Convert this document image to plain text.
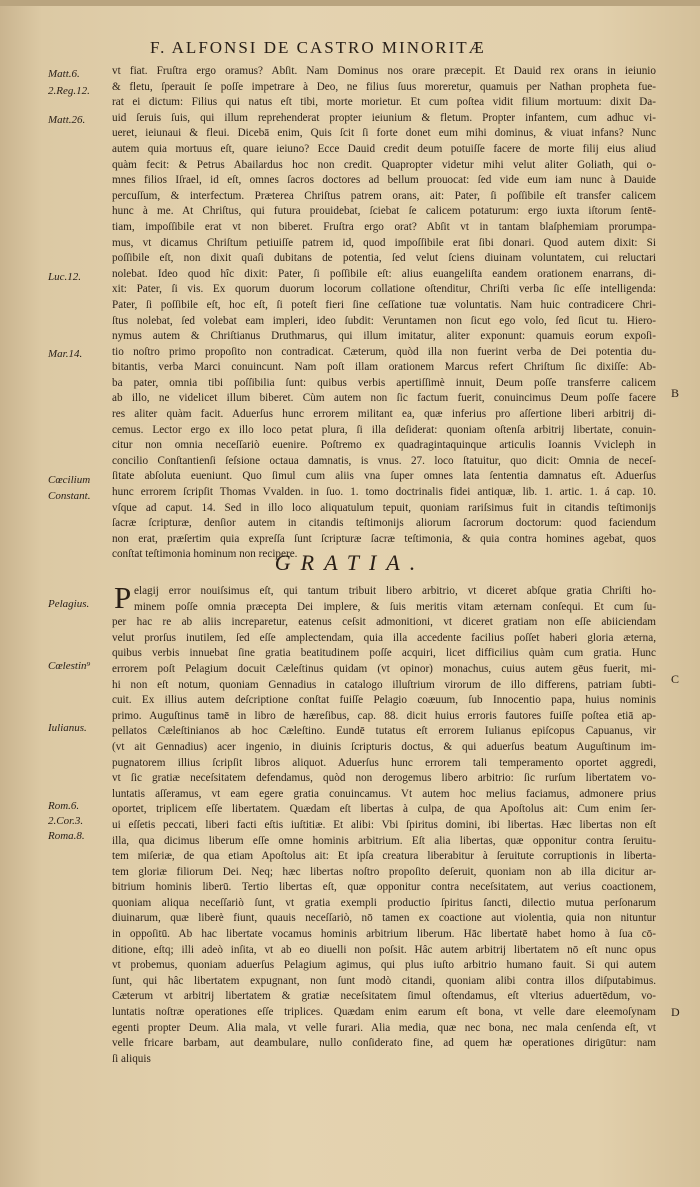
F. ALFONSI DE CASTRO MINORITÆ
Matt.6.
2.Reg.12.
Matt.26.
Luc.12.
Mar.14.
Cœcilium
Constant.
Pelagius.
Cœlestin⁹
Iulianus.
Rom.6.
2.Cor.3.
Roma.8.
B
C
D
vt fiat. Fruſtra ergo oramus? Abſit. Nam Dominus nos orare præcepit. Et Dauid rex orans in ieiunio
& fletu, ſperauit ſe poſſe impetrare à Deo, ne filius ſuus moreretur, quamuis per Nathan propheta fue-
rat ei dictum: Filius qui natus eſt tibi, morte morietur. Et cum poſtea vidit filium mortuum: dixit Da-
uid ſeruis ſuis, qui illum reprehenderat propter ieiunium & fletum. Propter infantem, cum adhuc vi-
ueret, ieiunaui & fleui. Dicebā enim, Quis ſcit ſi forte donet eum mihi dominus, & viuat infans? Nunc
autem quia mortuus eſt, quare ieiuno? Ecce Dauid credit deum potuiſſe facere de morte filij eius aliud
quàm fecit: & Petrus Abailardus hoc non credit. Quapropter videtur mihi velut aliter Goliath, qui o-
mnes filios Iſrael, id eſt, omnes ſacros doctores ad bellum prouocat: ſed vide eum iam nunc à Dauide
percuſſum, & interfectum. Præterea Chriſtus patrem orans, ait: Pater, ſi poſſibile eſt transfer calicem
hunc à me. At Chriſtus, qui futura prouidebat, ſciebat ſe calicem potaturum: ergo iuxta iſtorum ſentē-
tiam, impoſſibile erat vt non biberet. Fruſtra ergo orat? Abſit vt in tantam blaſphemiam prorumpa-
mus, vt dicamus Chriſtum petiuiſſe patrem id, quod impoſſibile erat ſibi donari. Quod autem dixit: Si
poſſibile eſt, non dixit quaſi dubitans de potentia, ſed velut ſciens diuinam voluntatem, cui reluctari
nolebat. Ideo quod hîc dixit: Pater, ſi poſſibile eſt: alius euangeliſta eandem orationem enarrans, di-
xit: Pater, ſi vis. Ex quorum duorum locorum collatione oſtenditur, Chriſti verba ſic eſſe intelligenda:
Pater, ſi poſſibile eſt, hoc eſt, ſi poteſt fieri ſine ceſſatione tuæ voluntatis. Nam huic contradicere Chri-
ſtus nolebat, ſed volebat eam impleri, ideo ſubdit: Veruntamen non ſicut ego volo, ſed ſicut tu. Hiero-
nymus autem & Chriſtianus Druthmarus, qui illum imitatur, aliter exponunt: quamuis eorum expoſi-
tio noſtro primo propoſito non contradicat. Cæterum, quòd illa non fuerint verba de Dei potentia du-
bitantis, verba Marci conuincunt. Nam poſt illam orationem Marcus refert Chriſtum ſic dixiſſe: Ab-
ba pater, omnia tibi poſſibilia ſunt: quibus verbis apertiſſimè innuit, Deum poſſe transferre calicem
ab illo, ne videlicet illum biberet. Cùm autem non ſic factum fuerit, conuincimus Deum poſſe facere
res aliter quàm facit. Aduerſus hunc errorem militant ea, quæ inferius pro aſſertione liberi arbitrij di-
cemus. Lector ergo ex illo loco petat plura, ſi illa deſiderat: quoniam oſtenſa arbitrij libertate, conuin-
citur non omnia neceſſariò euenire. Poſtremo ex quadragintaquinque articulis Ioannis Vvicleph in
concilio Conſtantienſi ſeſsione octaua damnatis, is vnus. 27. loco ſtatuitur, quo dicit: Omnia de neceſ-
ſitate abſoluta eueniunt. Quo ſimul cum aliis vna ſuper omnes lata ſententia damnatus eſt. Aduerſus
hunc errorem ſcripſit Thomas Vvalden. in ſuo. 1. tomo doctrinalis fidei antiquæ, lib. 1. artic. 1. á cap. 10.
vſque ad caput. 14. Sed in illo loco aliquatulum tepuit, quoniam rariſsimus fuit in citandis teſtimonijs
ſacræ ſcripturæ, denſior autem in citandis teſtimonijs aliorum ſacrorum doctorum: quod faciendum
non erat, præſertim quia expreſſa ſunt ſcripturæ ſacræ teſtimonia, & quia contra homines agebat, quos
conſtat teſtimonia hominum non recipere.
GRATIA.
P elagij error nouiſsimus eſt, qui tantum tribuit libero arbitrio, vt diceret abſque gratia Chriſti ho-
minem poſſe omnia præcepta Dei implere, & ſuis meritis vitam æternam conſequi. Et cum ſu-
per hac re ab aliis increparetur, eatenus ceſsit admonitioni, vt diceret gratiam non eſſe abiiciendam
velut prorſus inutilem, ſed eſſe amplectendam, quia illa accedente facilius poſſet haberi gloria æterna,
quibus verbis innuebat ſine gratia beatitudinem poſſe acquiri, licet difficilius quàm cum gratia. Hunc
errorem poſt Pelagium docuit Cæleſtinus quidam (vt opinor) monachus, cuius autem gēus fuerit, mi-
hi non eſt notum, quoniam Gennadius in catalogo illuſtrium virorum de illo differens, patriam ſubti-
cuit. Ex illius autem deſcriptione conſtat fuiſſe Pelagio coæuum, ſub Innocentio papa, huius nominis
primo. Auguſtinus tamē in libro de hæreſibus, cap. 88. dicit huius erroris fautores fuiſſe poſtea etiā ap-
pellatos Cæleſtinianos ab hoc Cæleſtino. Eundē tutatus eſt errorem Iulianus epiſcopus Capuanus, vir
(vt ait Gennadius) acer ingenio, in diuinis ſcripturis doctus, & qui aduerſus beatum Auguſtinum im-
pugnatorem illius ſcripſit libros aliquot. Aduerſus hunc errorem tali temperamento oportet aggredi,
vt ſic gratiæ neceſsitatem defendamus, quòd non derogemus libero arbitrio: ſic rurſum libertatem vo-
luntatis aſſeramus, vt eam egere gratia conuincamus. Vt autem hoc melius faciamus, admonere prius
oportet, triplicem eſſe libertatem. Quædam eſt libertas à culpa, de qua Apoſtolus ait: Cum enim ſer-
ui eſſetis peccati, liberi facti eſtis iuſtitiæ. Et alibi: Vbi ſpiritus domini, ibi libertas. Hæc libertas non eſt
illa, qua dicimus liberum eſſe omne hominis arbitrium. Eſt alia libertas, quæ opponitur contra ſeruitu-
tem miſeriæ, de qua etiam Apoſtolus ait: Et ipſa creatura liberabitur à ſeruitute corruptionis in liberta-
tem gloriæ filiorum Dei. Neq; hæc libertas noſtro propoſito deſeruit, quoniam non ab illa dicitur ar-
bitrium hominis liberū. Tertio libertas eſt, quæ opponitur contra neceſsitatem, aut verius coactionem,
quoniam aliqua neceſſariò ſunt, vt gratia exempli productio ſpiritus ſancti, dilectio mutua perſonarum
diuinarum, quæ liberè fiunt, quauis neceſſariò, nō tamen ex coactione aut violentia, quia non nituntur
in oppoſitū. Ab hac libertate vocamus hominis arbitrium liberum. Hāc libertatē habet homo à ſua cō-
ditione, eſtq; illi adeò inſita, vt ab eo diuelli non poſsit. Hâc autem arbitrij libertatem nō eſt nunc opus
vt probemus, quoniam aduerſus Pelagium agimus, qui plus iuſto arbitrio humano fauit. Si qui autem
ſunt, qui hâc libertatem expugnant, non ſunt modò citandi, quoniam alibi contra illos diſputabimus.
Cæterum vt arbitrij libertatem & gratiæ neceſsitatem ſimul oſtendamus, eſt vlterius aduertēdum, vo-
luntatis noſtræ operationes eſſe triplices. Quædam enim earum eſt bona, vt velle dare eleemoſynam
egenti propter Deum. Alia mala, vt velle furari. Alia media, quæ nec bona, nec mala cenſenda eſt, vt
velle fricare barbam, aut deambulare, nullo conſiderato fine, ad quem hæ operationes dirigūtur: nam
ſi aliquis
